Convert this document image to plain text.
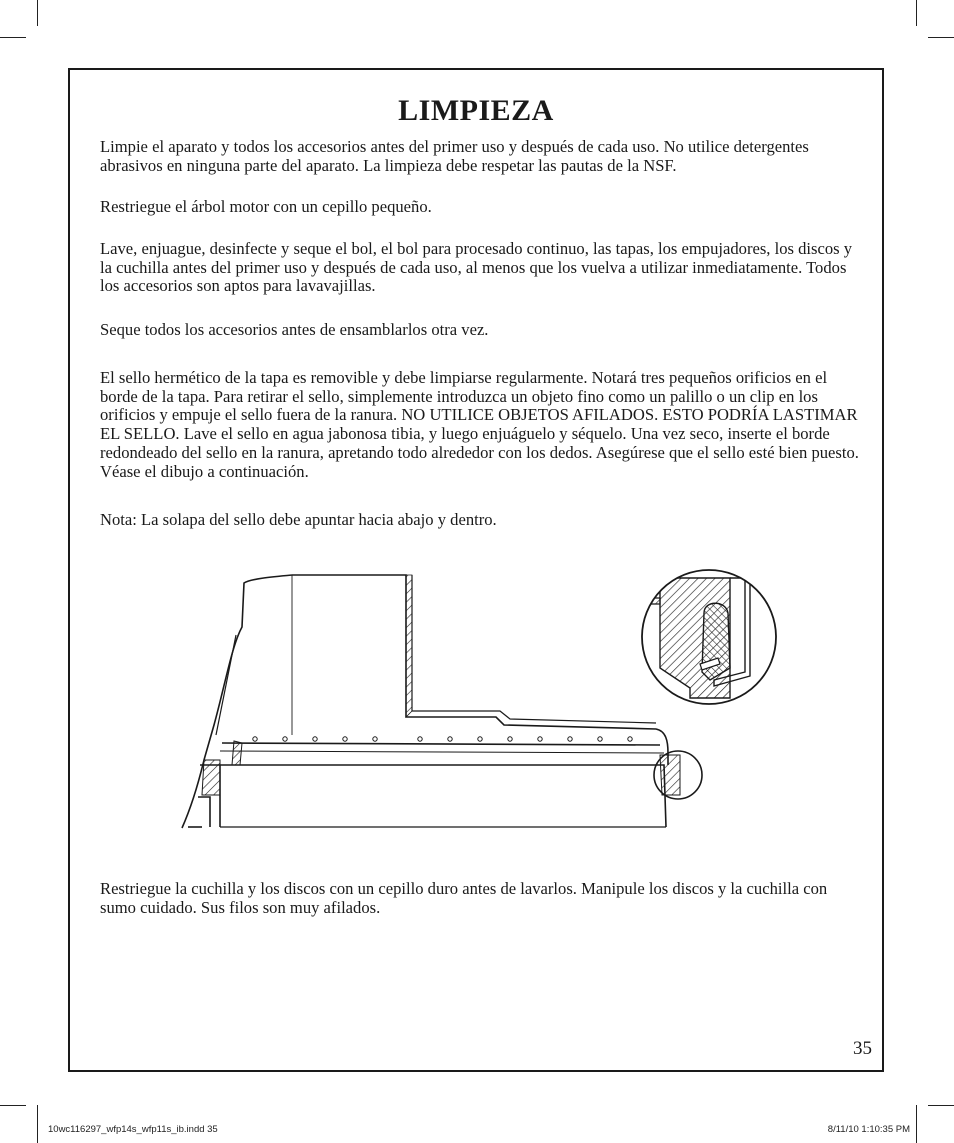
LIMPIEZA

Limpie el aparato y todos los accesorios antes del primer uso y después de cada uso. No utilice detergentes abrasivos en ninguna parte del aparato. La limpieza debe respetar las pautas de la NSF.

Restriegue el árbol motor con un cepillo pequeño.

Lave, enjuague, desinfecte y seque el bol, el bol para procesado continuo, las tapas, los empujadores, los discos y la cuchilla antes del primer uso y después de cada uso, al menos que los vuelva a utilizar inmediatamente. Todos los accesorios son aptos para lavavajillas.

Seque todos los accesorios antes de ensamblarlos otra vez.

El sello hermético de la tapa es removible y debe limpiarse regularmente. Notará tres pequeños orificios en el borde de la tapa. Para retirar el sello, simplemente introduzca un objeto fino como un palillo o un clip en los orificios y empuje el sello fuera de la ranura. NO UTILICE OBJETOS AFILADOS. ESTO PODRÍA LASTIMAR EL SELLO. Lave el sello en agua jabonosa tibia, y luego enjuáguelo y séquelo. Una vez seco, inserte el borde redondeado del sello en la ranura, apretando todo alrededor con los dedos. Asegúrese que el sello esté bien puesto. Véase el dibujo a continuación.

Nota: La solapa del sello debe apuntar hacia abajo y dentro.

Restriegue la cuchilla y los discos con un cepillo duro antes de lavarlos. Manipule los discos y la cuchilla con sumo cuidado. Sus filos son muy afilados.

35
10wc116297_wfp14s_wfp11s_ib.indd 35	8/11/10 1:10:35 PM
